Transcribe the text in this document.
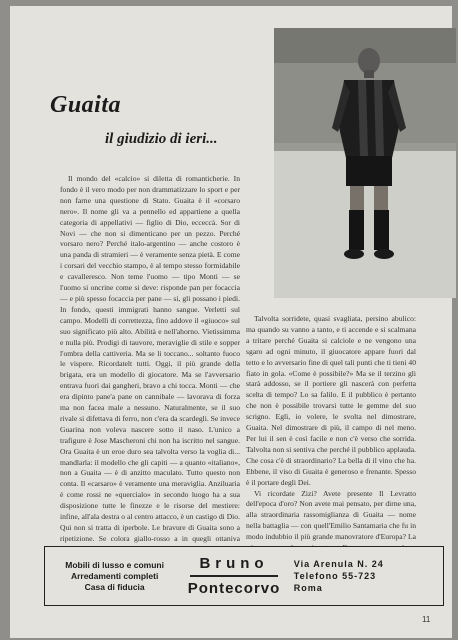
Guaita
il giudizio di ieri...

Il mondo del «calcio» si diletta di romanticherie. In fondo è il vero modo per non drammatizzare lo sport e per non farne una questione di Stato. Guaita è il «corsaro nero». Il nome gli va a pennello ed appartiene a quella categoria di appellativi — figlio di Dio, ecceccà. Sor di Novi — che non si dimenticano per un pezzo. Perché vorsaro nero? Perché italo-argentino — anche costoro è una panda di stramieri — è veramente senza pietà. E come i corsari del vecchio stampo, è al tempo stesso formidabile e cavalleresco. Non teme l'uomo — tipo Monti — se l'uomo si oncrine come si deve: risponde pan per focaccia — e più spesso focaccia per pane — si, gli possano i piedi. In fondo, questi immigrati hanno sangue. Verletti sul campo. Modelli di correttezza, fino addove il «giuoco» sul suo significato più alto. Abilità e nell'ahorno. Vietissimma e nulla più. Prodigi di tauvore, meraviglie di stile e sopper l'ombra della cattiveria. Ma se li toccano... soltanto fuoco le vispere. Ricordatelt tutti. Oggi, il più grande della brigata, era un modello di giocatore. Ma se l'avversario entrava fuori dai gangheri, bravo a chi tocca. Monti — che era dipinto pane'a pane on cannibale — lavorava di forza ma non facea male a nessuno. Naturalmente, se il suo rivale si difettava di ferro, non c'era da scardegli. Se invece Guarina non voleva nascere sotto il naso. L'unico a trafigure è Jose Mascheroni chi non ha iscritto nel sangue. Ora Guaita è un eroe duro sea talvolta verso la voglia di... mandlarla: il modello che gli capiti — a quanto «italiano», non a Guaita — è di anzitto maculato. Tutto questo non conta. Il «carsaro» è veramente una meraviglia. Anziluaria è come rossi ne «quercialo» in secondo luogo ha a sua disposizione tutte le finezze e le risorse del mestiere: infine, all'ala destra o al centro attacco, è un castigo di Dio. Qui non si tratta di iperbole. Le bravure di Guaita sono a ripetizione. Se colora giallo-rosso a in quegli ottaniva

Talvolta sorridete, quasi svagliata, persino abulico: ma quando su vanno a tanto, e ti accende e si scalmana a tritare perché Guaita si calciole e ne vengono una sgaro ad ogni minuto, il giuocatore appare fuori dal tetto e lo avversario fine di quel tali punti che ti tieni 40 fiato in gola. «Come è possibile?» Ma se il terzino gli starà addosso, se il portiere gli nascerà con perfetta scelta di tempo? Lo sa falilo. E il pubblico è pertanto che non è possibile trovarsi tutte le gemme del suo scrigno. Egli, io volere, le svolta nel dimostrare, Guaita. Nel dimostrare di più, il campo di nel meno. Per lui il sen è così facile e non c'è verso che sorrida. Talvolta non si sentiva che perché il pubblico applauda. Che cosa c'è di straordinario? La bella di il vino che ha. Ebbene, il viso di Guaita è generoso e frenante. Spesso è il portare degli Dei.

Vi ricordate Zizi? Avete presente Il Levratto dell'epoca d'oro? Non avete mai pensato, per dirne una, alla straordinaria rassomiglianza di Guaita — nome nella battaglia — con quell'Emilio Santamaria che fu in modo indubbio il più grande manovratore d'Europa? La

Mobili di lusso e comuni
Arredamenti completi
Casa di fiducia
Bruno
Pontecorvo
Via Arenula N. 24
Telefono 55-723
Roma
11
